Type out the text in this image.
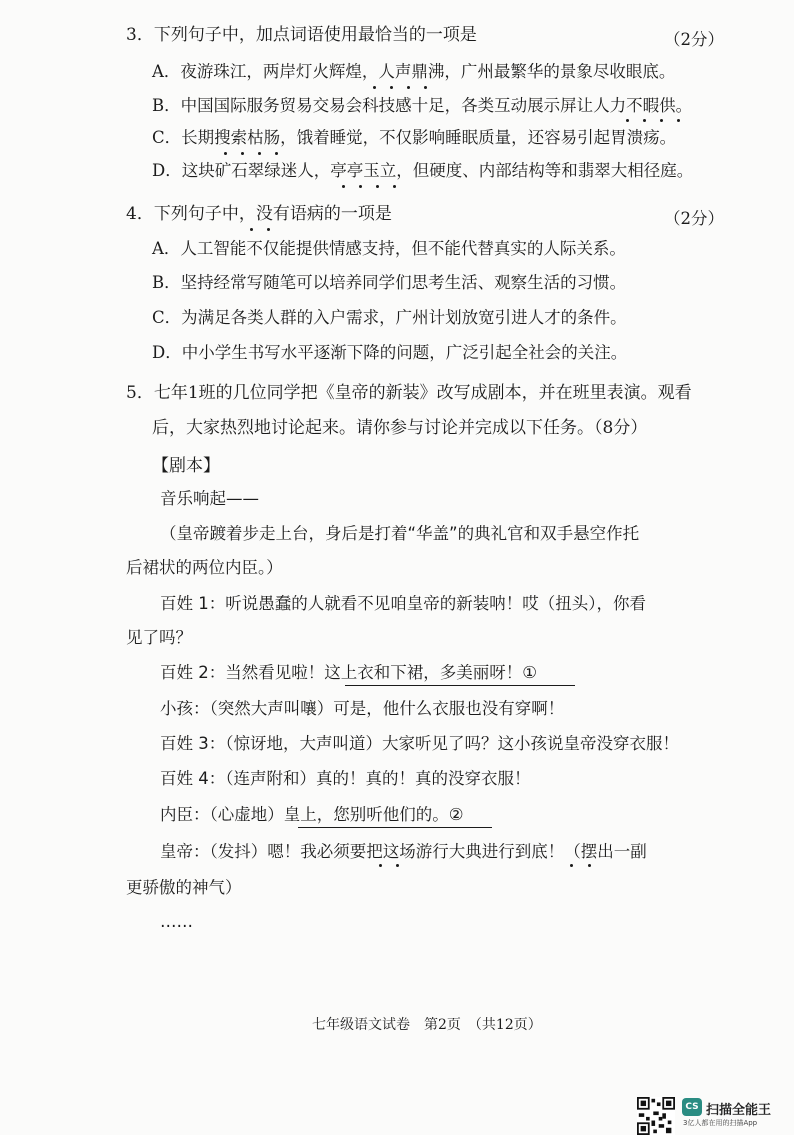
3．下列句子中，加点词语使用最恰当的一项是	（2分）
A．夜游珠江，两岸灯火辉煌，人声鼎沸，广州最繁华的景象尽收眼底。
B．中国国际服务贸易交易会科技感十足，各类互动展示屏让人力不暇供。
C．长期搜索枯肠，饿着睡觉，不仅影响睡眠质量，还容易引起胃溃疡。
D．这块矿石翠绿迷人，亭亭玉立，但硬度、内部结构等和翡翠大相径庭。
4．下列句子中，没有语病的一项是	（2分）
A．人工智能不仅能提供情感支持，但不能代替真实的人际关系。
B．坚持经常写随笔可以培养同学们思考生活、观察生活的习惯。
C．为满足各类人群的入户需求，广州计划放宽引进人才的条件。
D．中小学生书写水平逐渐下降的问题，广泛引起全社会的关注。
5．七年1班的几位同学把《皇帝的新装》改写成剧本，并在班里表演。观看
后，大家热烈地讨论起来。请你参与讨论并完成以下任务。（8分）
【剧本】
音乐响起——
（皇帝踱着步走上台，身后是打着“华盖”的典礼官和双手悬空作托
后裙状的两位内臣。）
百姓 1：听说愚蠢的人就看不见咱皇帝的新装呐！哎（扭头），你看
见了吗？
百姓 2：当然看见啦！这上衣和下裙，多美丽呀！①
小孩：（突然大声叫嚷）可是，他什么衣服也没有穿啊！
百姓 3：（惊讶地，大声叫道）大家听见了吗？这小孩说皇帝没穿衣服！
百姓 4：（连声附和）真的！真的！真的没穿衣服！
内臣：（心虚地）皇上，您别听他们的。②
皇帝：（发抖）嗯！我必须要把这场游行大典进行到底！（摆出一副
更骄傲的神气）
……
七年级语文试卷　第2页　（共12页）
CS 扫描全能王
3亿人都在用的扫描App
